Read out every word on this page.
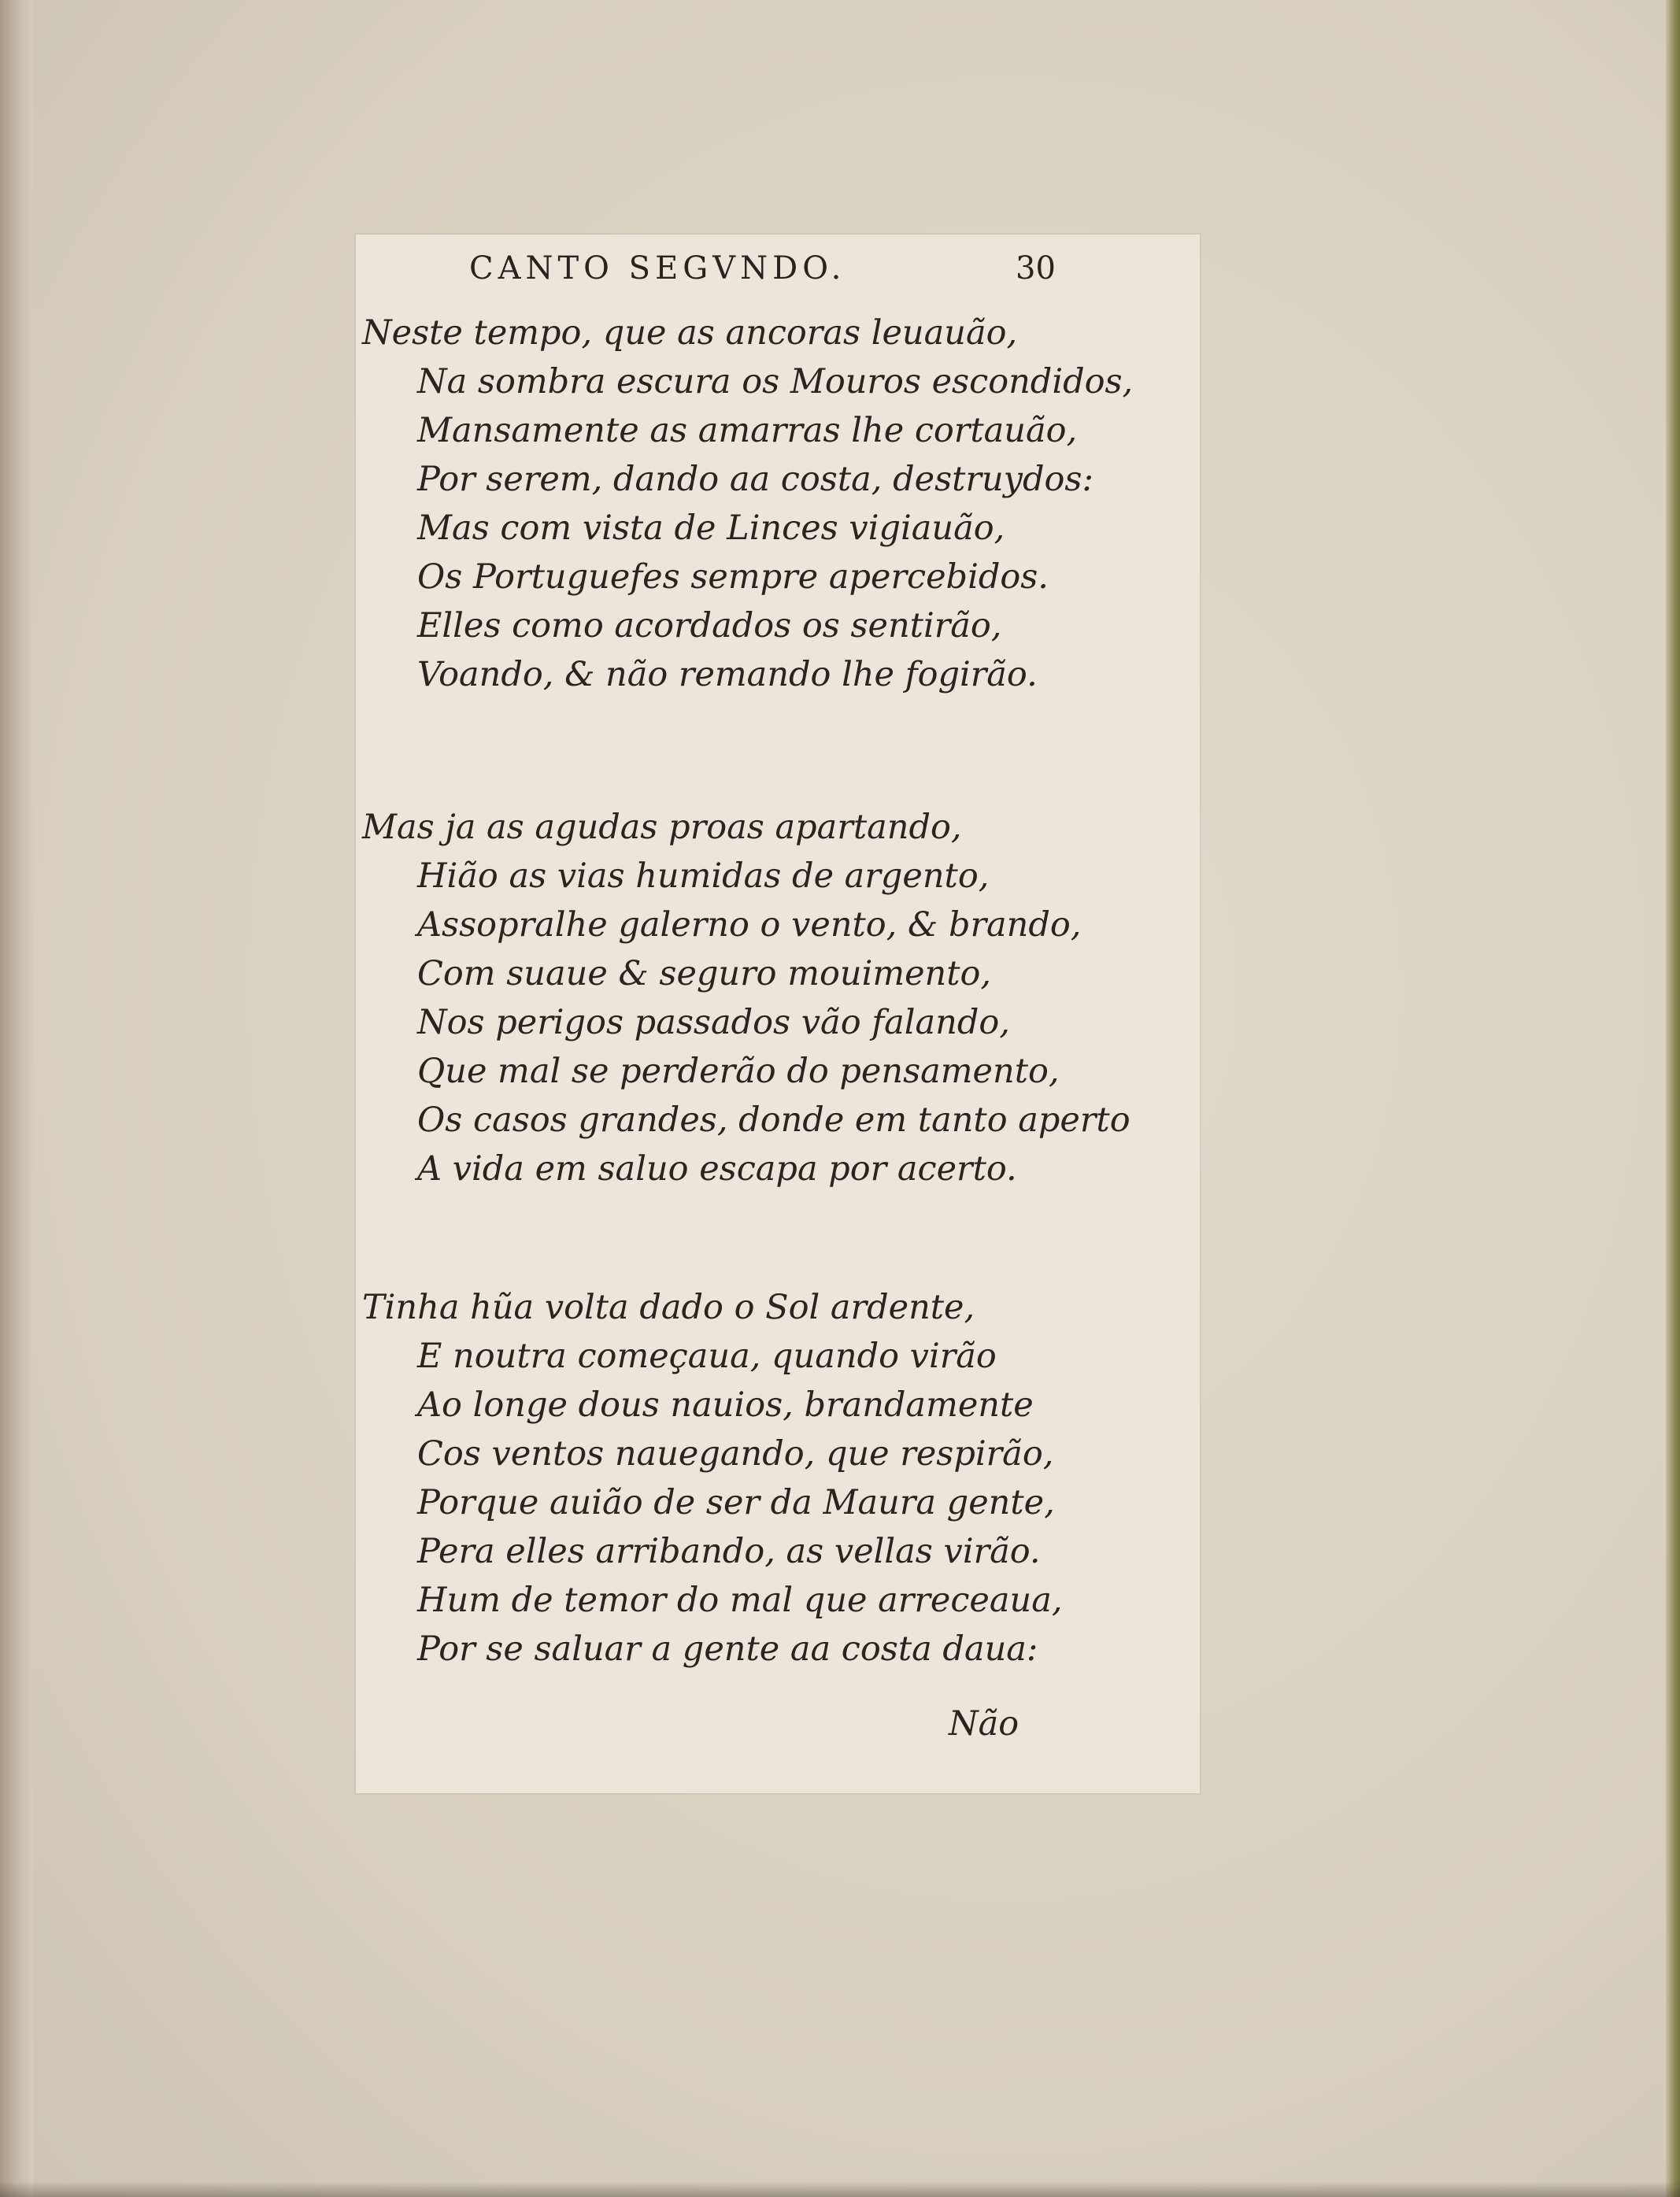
CANTO SEGVNDO.	30
Neste tempo, que as ancoras leuauão,
Na sombra escura os Mouros escondidos,
Mansamente as amarras lhe cortauão,
Por serem, dando aa costa, destruydos:
Mas com vista de Linces vigiauão,
Os Portuguefes sempre apercebidos.
Elles como acordados os sentirão,
Voando, & não remando lhe fogirão.
Mas ja as agudas proas apartando,
Hião as vias humidas de argento,
Assopralhe galerno o vento, & brando,
Com suaue & seguro mouimento,
Nos perigos passados vão falando,
Que mal se perderão do pensamento,
Os casos grandes, donde em tanto aperto
A vida em saluo escapa por acerto.
Tinha hũa volta dado o Sol ardente,
E noutra começaua, quando virão
Ao longe dous nauios, brandamente
Cos ventos nauegando, que respirão,
Porque auião de ser da Maura gente,
Pera elles arribando, as vellas virão.
Hum de temor do mal que arreceaua,
Por se saluar a gente aa costa daua:
Não
